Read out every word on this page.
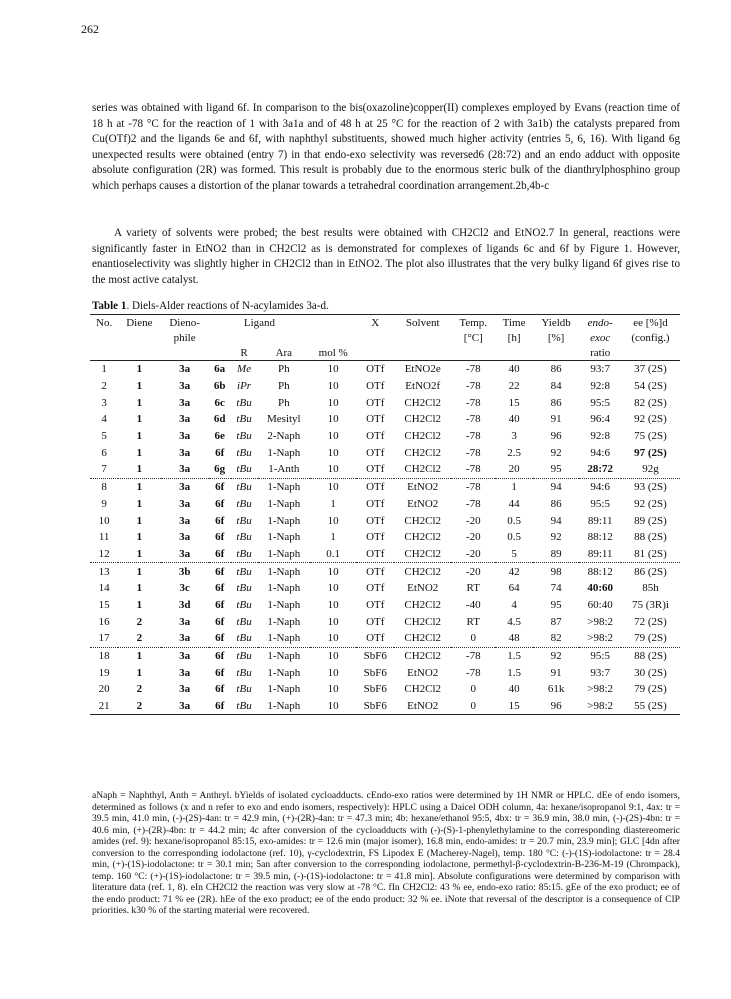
262
series was obtained with ligand 6f. In comparison to the bis(oxazoline)copper(II) complexes employed by Evans (reaction time of 18 h at -78 °C for the reaction of 1 with 3a1a and of 48 h at 25 °C for the reaction of 2 with 3a1b) the catalysts prepared from Cu(OTf)2 and the ligands 6e and 6f, with naphthyl substituents, showed much higher activity (entries 5, 6, 16). With ligand 6g unexpected results were obtained (entry 7) in that endo-exo selectivity was reversed6 (28:72) and an endo adduct with opposite absolute configuration (2R) was formed. This result is probably due to the enormous steric bulk of the dianthrylphosphino group which perhaps causes a distortion of the planar towards a tetrahedral coordination arrangement.2b,4b-c
A variety of solvents were probed; the best results were obtained with CH2Cl2 and EtNO2.7 In general, reactions were significantly faster in EtNO2 than in CH2Cl2 as is demonstrated for complexes of ligands 6c and 6f by Figure 1. However, enantioselectivity was slightly higher in CH2Cl2 than in EtNO2. The plot also illustrates that the very bulky ligand 6f gives rise to the most active catalyst.
Table 1. Diels-Alder reactions of N-acylamides 3a-d.
No.	Diene	Dieno-	Ligand				X	Solvent	Temp.	Time	Yieldb	endo-	ee [%]d
		phile							[°C]	[h]	[%]	exoc	(config.)
				R	Ara	mol %						ratio	
1	1	3a	6a	Me	Ph	10	OTf	EtNO2e	-78	40	86	93:7	37 (2S)
2	1	3a	6b	iPr	Ph	10	OTf	EtNO2f	-78	22	84	92:8	54 (2S)
3	1	3a	6c	tBu	Ph	10	OTf	CH2Cl2	-78	15	86	95:5	82 (2S)
4	1	3a	6d	tBu	Mesityl	10	OTf	CH2Cl2	-78	40	91	96:4	92 (2S)
5	1	3a	6e	tBu	2-Naph	10	OTf	CH2Cl2	-78	3	96	92:8	75 (2S)
6	1	3a	6f	tBu	1-Naph	10	OTf	CH2Cl2	-78	2.5	92	94:6	97 (2S)
7	1	3a	6g	tBu	1-Anth	10	OTf	CH2Cl2	-78	20	95	28:72	92g
8	1	3a	6f	tBu	1-Naph	10	OTf	EtNO2	-78	1	94	94:6	93 (2S)
9	1	3a	6f	tBu	1-Naph	1	OTf	EtNO2	-78	44	86	95:5	92 (2S)
10	1	3a	6f	tBu	1-Naph	10	OTf	CH2Cl2	-20	0.5	94	89:11	89 (2S)
11	1	3a	6f	tBu	1-Naph	1	OTf	CH2Cl2	-20	0.5	92	88:12	88 (2S)
12	1	3a	6f	tBu	1-Naph	0.1	OTf	CH2Cl2	-20	5	89	89:11	81 (2S)
13	1	3b	6f	tBu	1-Naph	10	OTf	CH2Cl2	-20	42	98	88:12	86 (2S)
14	1	3c	6f	tBu	1-Naph	10	OTf	EtNO2	RT	64	74	40:60	85h
15	1	3d	6f	tBu	1-Naph	10	OTf	CH2Cl2	-40	4	95	60:40	75 (3R)i
16	2	3a	6f	tBu	1-Naph	10	OTf	CH2Cl2	RT	4.5	87	>98:2	72 (2S)
17	2	3a	6f	tBu	1-Naph	10	OTf	CH2Cl2	0	48	82	>98:2	79 (2S)
18	1	3a	6f	tBu	1-Naph	10	SbF6	CH2Cl2	-78	1.5	92	95:5	88 (2S)
19	1	3a	6f	tBu	1-Naph	10	SbF6	EtNO2	-78	1.5	91	93:7	30 (2S)
20	2	3a	6f	tBu	1-Naph	10	SbF6	CH2Cl2	0	40	61k	>98:2	79 (2S)
21	2	3a	6f	tBu	1-Naph	10	SbF6	EtNO2	0	15	96	>98:2	55 (2S)
aNaph = Naphthyl, Anth = Anthryl. bYields of isolated cycloadducts. cEndo-exo ratios were determined by 1H NMR or HPLC. dEe of endo isomers, determined as follows (x and n refer to exo and endo isomers, respectively): HPLC using a Daicel ODH column, 4a: hexane/isopropanol 9:1, 4ax: tr = 39.5 min, 41.0 min, (-)-(2S)-4an: tr = 42.9 min, (+)-(2R)-4an: tr = 47.3 min; 4b: hexane/ethanol 95:5, 4bx: tr = 36.9 min, 38.0 min, (-)-(2S)-4bn: tr = 40.6 min, (+)-(2R)-4bn: tr = 44.2 min; 4c after conversion of the cycloadducts with (-)-(S)-1-phenylethylamine to the corresponding diastereomeric amides (ref. 9): hexane/isopropanol 85:15, exo-amides: tr = 12.6 min (major isomer), 16.8 min, endo-amides: tr = 20.7 min, 23.9 min]; GLC [4dn after conversion to the corresponding iodolactone (ref. 10), γ-cyclodextrin, FS Lipodex E (Macherey-Nagel), temp. 180 °C: (-)-(1S)-iodolactone: tr = 28.4 min, (+)-(1S)-iodolactone: tr = 30.1 min; 5an after conversion to the corresponding iodolactone, permethyl-β-cyclodextrin-B-236-M-19 (Chrompack), temp. 160 °C: (+)-(1S)-iodolactone: tr = 39.5 min, (-)-(1S)-iodolactone: tr = 41.8 min]. Absolute configurations were determined by comparison with literature data (ref. 1, 8). eIn CH2Cl2 the reaction was very slow at -78 °C. fIn CH2Cl2: 43 % ee, endo-exo ratio: 85:15. gEe of the exo product; ee of the endo product: 71 % ee (2R). hEe of the exo product; ee of the endo product: 32 % ee. iNote that reversal of the descriptor is a consequence of CIP priorities. k30 % of the starting material were recovered.
